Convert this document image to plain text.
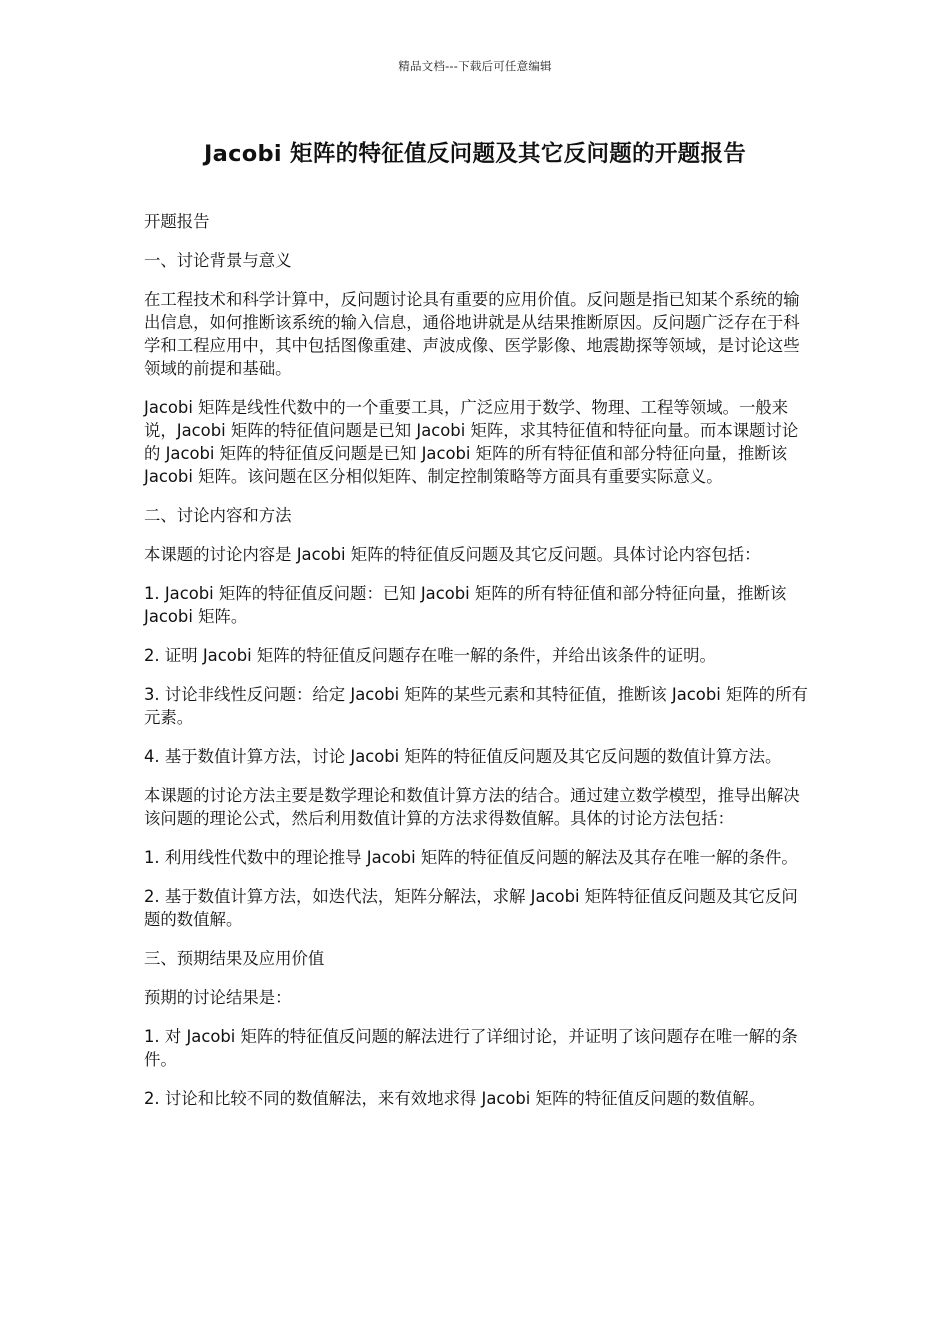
精品文档---下载后可任意编辑
Jacobi 矩阵的特征值反问题及其它反问题的开题报告

开题报告

一、讨论背景与意义

在工程技术和科学计算中，反问题讨论具有重要的应用价值。反问题是指已知某个系统的输出信息，如何推断该系统的输入信息，通俗地讲就是从结果推断原因。反问题广泛存在于科学和工程应用中，其中包括图像重建、声波成像、医学影像、地震勘探等领域，是讨论这些领域的前提和基础。

Jacobi 矩阵是线性代数中的一个重要工具，广泛应用于数学、物理、工程等领域。一般来说，Jacobi 矩阵的特征值问题是已知 Jacobi 矩阵，求其特征值和特征向量。而本课题讨论的 Jacobi 矩阵的特征值反问题是已知 Jacobi 矩阵的所有特征值和部分特征向量，推断该 Jacobi 矩阵。该问题在区分相似矩阵、制定控制策略等方面具有重要实际意义。

二、讨论内容和方法

本课题的讨论内容是 Jacobi 矩阵的特征值反问题及其它反问题。具体讨论内容包括：

1. Jacobi 矩阵的特征值反问题：已知 Jacobi 矩阵的所有特征值和部分特征向量，推断该 Jacobi 矩阵。

2. 证明 Jacobi 矩阵的特征值反问题存在唯一解的条件，并给出该条件的证明。

3. 讨论非线性反问题：给定 Jacobi 矩阵的某些元素和其特征值，推断该 Jacobi 矩阵的所有元素。

4. 基于数值计算方法，讨论 Jacobi 矩阵的特征值反问题及其它反问题的数值计算方法。

本课题的讨论方法主要是数学理论和数值计算方法的结合。通过建立数学模型，推导出解决该问题的理论公式，然后利用数值计算的方法求得数值解。具体的讨论方法包括：

1. 利用线性代数中的理论推导 Jacobi 矩阵的特征值反问题的解法及其存在唯一解的条件。

2. 基于数值计算方法，如迭代法，矩阵分解法，求解 Jacobi 矩阵特征值反问题及其它反问题的数值解。

三、预期结果及应用价值

预期的讨论结果是：

1. 对 Jacobi 矩阵的特征值反问题的解法进行了详细讨论，并证明了该问题存在唯一解的条件。

2. 讨论和比较不同的数值解法，来有效地求得 Jacobi 矩阵的特征值反问题的数值解。
